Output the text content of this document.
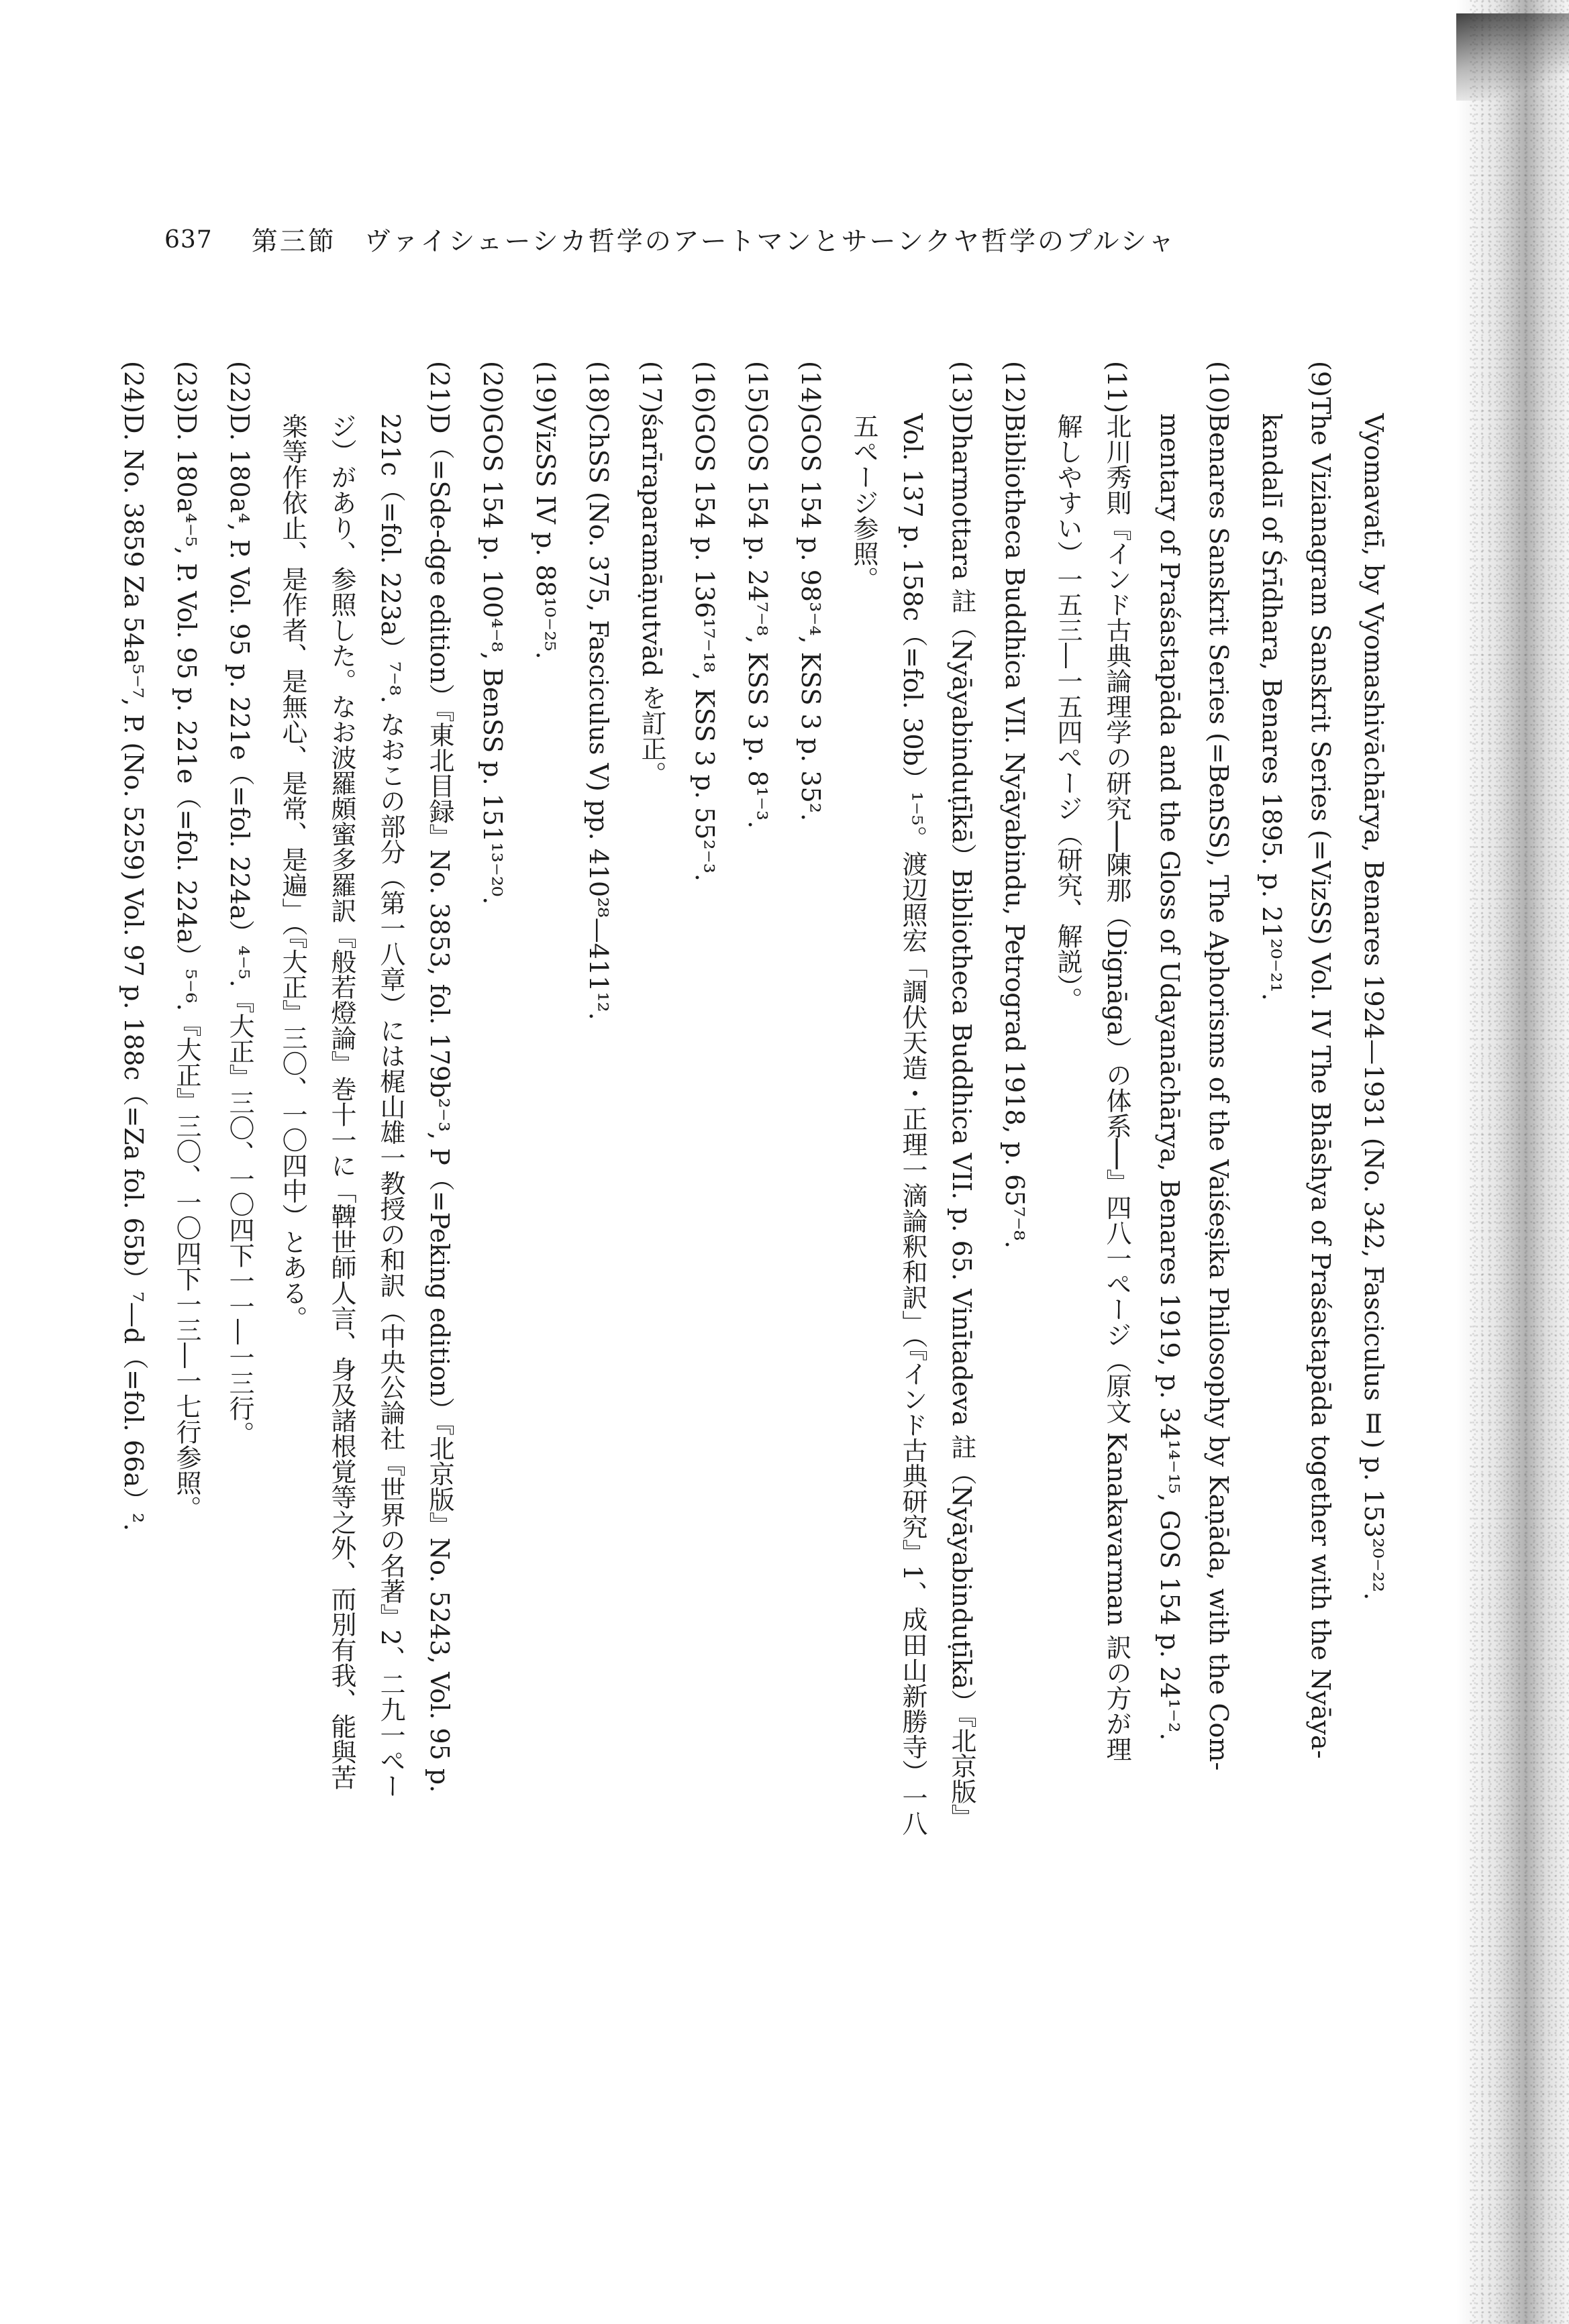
637 第三節　ヴァイシェーシカ哲学のアートマンとサーンクヤ哲学のプルシャ

Vyomavatī, by Vyomashivāchārya, Benares 1924—1931 (No. 342, Fasciculus Ⅱ) p. 153²⁰⁻²².

(9)The Vizianagram Sanskrit Series (=VizSS) Vol. IV The Bhāshya of Praśastapāda together with the Nyāya-

kandalī of Śrīdhara, Benares 1895. p. 21²⁰⁻²¹.

(10)Benares Sanskrit Series (=BenSS), The Aphorisms of the Vaiśeṣika Philosophy by Kaṇāda, with the Com-

mentary of Praśastapāda and the Gloss of Udayanāchārya, Benares 1919, p. 34¹⁴⁻¹⁵, GOS 154 p. 24¹⁻².

(11)北川秀則『インド古典論理学の研究──陳那（Dignāga）の体系──』四八一ぺージ（原文 Kanakavarman 訳の方が理

解しやすい）一五三―一五四ぺージ（研究、解説）。

(12)Bibliotheca Buddhica VII. Nyāyabindu, Petrograd 1918, p. 65⁷⁻⁸.

(13)Dharmottara 註（Nyāyabinduṭīkā）Bibliotheca Buddhica VII. p. 65. Vinītadeva 註（Nyāyabinduṭīkā）『北京版』

Vol. 137 p. 158c（=fol. 30b）¹⁻⁵。渡辺照宏「調伏天造・正理一滴論釈和訳」（『インド古典研究』1、成田山新勝寺）一八

五ぺージ参照。

(14)GOS 154 p. 98³⁻⁴, KSS 3 p. 35².

(15)GOS 154 p. 24⁷⁻⁸, KSS 3 p. 8¹⁻³.

(16)GOS 154 p. 136¹⁷⁻¹⁸, KSS 3 p. 55²⁻³.

(17)śarīraparamāṇutvād を訂正。

(18)ChSS (No. 375, Fasciculus V) pp. 410²⁸—411¹².

(19)VizSS IV p. 88¹⁰⁻²⁵.

(20)GOS 154 p. 100⁴⁻⁸, BenSS p. 151¹³⁻²⁰.

(21)D（=Sde-dge edition）『東北目録』No. 3853, fol. 179b²⁻³, P（=Peking edition）『北京版』No. 5243, Vol. 95 p.

221c（=fol. 223a）⁷⁻⁸. なおこの部分（第一八章）には梶山雄一教授の和訳（中央公論社『世界の名著』2、二九一ぺー

ジ）があり、参照した。なお波羅頗蜜多羅訳『般若燈論』巻十一に「鞞世師人言、身及諸根覚等之外、而別有我、能與苦

楽等作依止、是作者、是無心、是常、是遍」（『大正』三〇、一〇四中）とある。

(22)D. 180a⁴, P. Vol. 95 p. 221e（=fol. 224a）⁴⁻⁵.『大正』三〇、一〇四下一一―一三行。

(23)D. 180a⁴⁻⁵, P. Vol. 95 p. 221e（=fol. 224a）⁵⁻⁶.『大正』三〇、一〇四下一三―一七行参照。

(24)D. No. 3859 Za 54a⁵⁻⁷, P. (No. 5259) Vol. 97 p. 188c（=Za fol. 65b）⁷—d（=fol. 66a）².
